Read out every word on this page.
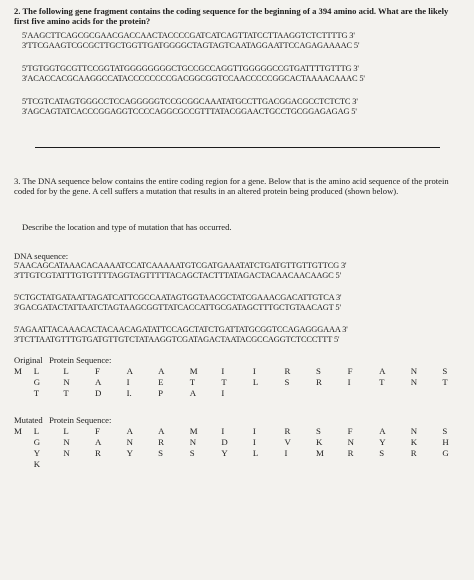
2. The following gene fragment contains the coding sequence for the beginning of a 394 amino acid. What are the likely first five amino acids for the protein?
5'AAGCTTCAGCGCGAACGACCAACTACCCCGATCATCAGTTATCCTTAAGGTCTCTTTTG 3'
3'TTCGAAGTCGCGCTTGCTGGTTGATGGGGCTAGTAGTCAATAGGAATTCCAGAGAAAAC 5'
5'TGTGGTGCGTTCCGGTATGGGGGGGGCTGCCGCCAGGTTGGGGGCCGTGATTTTGTTTG 3'
3'ACACCACGCAAGGCCATACCCCCCCCGACGGCGGTCCAACCCCCGGCACTAAAACAAAC 5'
5'TCGTCATAGTGGGCCTCCAGGGGGTCCGCGGCAAATATGCCTTGACGGACGCCTCTCTC 3'
3'AGCAGTATCACCCGGAGGTCCCCAGGCGCCGTTTATACGGAACTGCCTGCGGAGAGAG 5'
3. The DNA sequence below contains the entire coding region for a gene. Below that is the amino acid sequence of the protein coded for by the gene. A cell suffers a mutation that results in an altered protein being produced (shown below).
Describe the location and type of mutation that has occurred.
DNA sequence:
5'AACAGCATAAACACAAAATCCATCAAAAATGTCGATGAAATATCTGATGTTGTTGTTCG 3'
3'TTGTCGTATTTGTGTTTTAGGTAGTTTTTACAGCTACTTTATAGACTACAACAACAAGC 5'
5'CTGCTATGATAATTAGATCATTCGCCAATAGTGGTAACGCTATCGAAACGACATTGTCA 3'
3'GACGATACTATTAATCTAGTAAGCGGTTATCACCATTGCGATAGCTTTGCTGTAACAGT 5'
5'AGAATTACAAACACTACAACAGATATTCCAGCTATCTGATTATGCGGTCCAGAGGGAAA 3'
3'TCTTAATGTTTGTGATGTTGTCTATAAGGTCGATAGACTAATACGCCAGGTCTCCCTTT 5'
Original Protein Sequence:
M	L	L	F	A	A	M	I	I	R	S	F	A	N	S
	G	N	A	I	E	T	T	L	S	R	I	T	N	T
	T	T	D	I.	P	A	I							
Mutated Protein Sequence:
M	L	L	F	A	A	M	I	I	R	S	F	A	N	S
	G	N	A	N	R	N	D	I	V	K	N	Y	K	H
	Y	N	R	Y	S	S	Y	L	I	M	R	S	R	G
	K													
